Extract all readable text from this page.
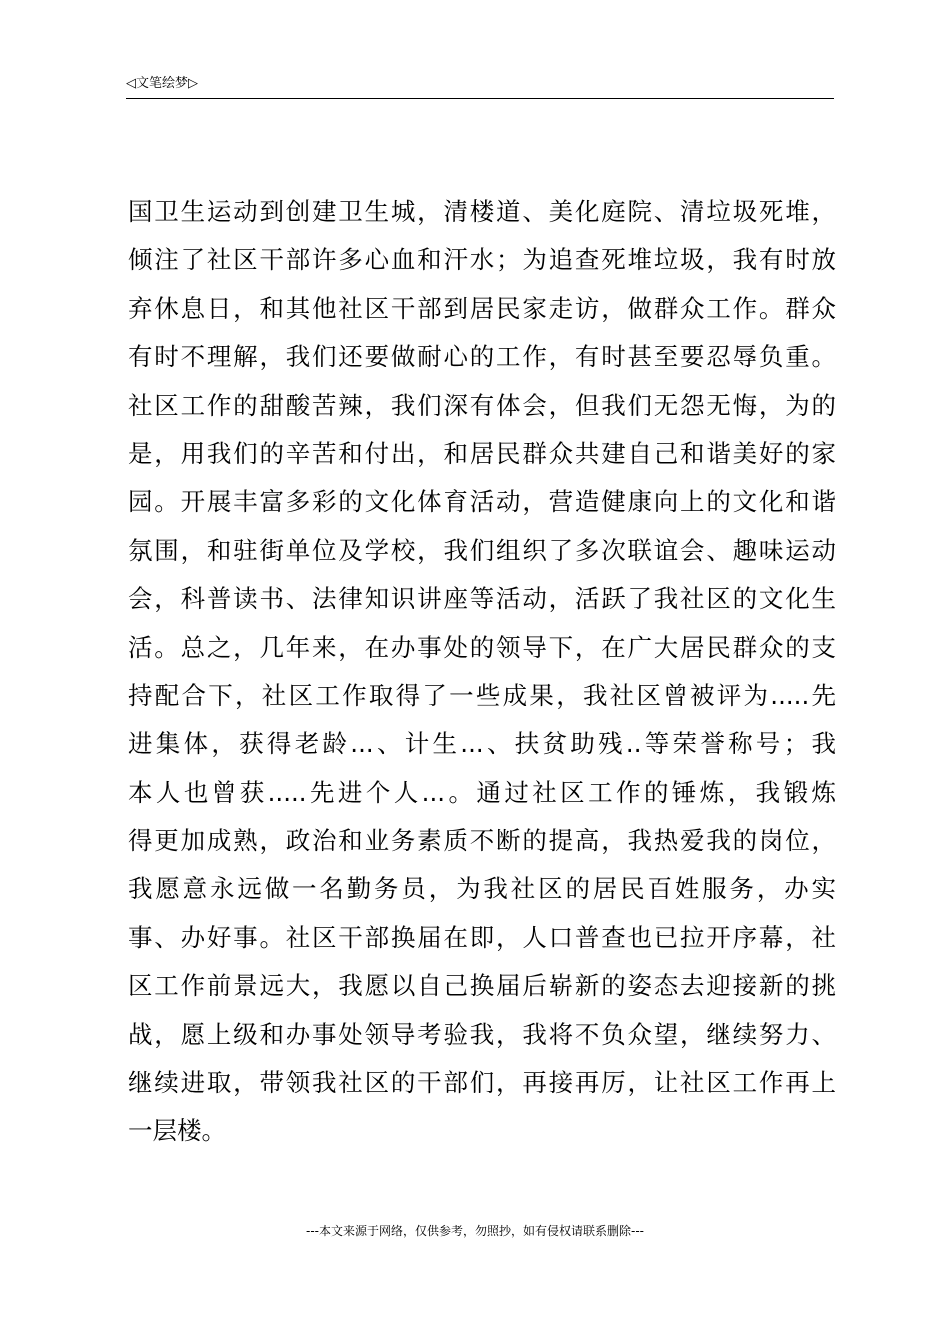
◁文笔绘梦▷
国卫生运动到创建卫生城，清楼道、美化庭院、清垃圾死堆，
倾注了社区干部许多心血和汗水；为追查死堆垃圾，我有时放
弃休息日，和其他社区干部到居民家走访，做群众工作。群众
有时不理解，我们还要做耐心的工作，有时甚至要忍辱负重。
社区工作的甜酸苦辣，我们深有体会，但我们无怨无悔，为的
是，用我们的辛苦和付出，和居民群众共建自己和谐美好的家
园。开展丰富多彩的文化体育活动，营造健康向上的文化和谐
氛围，和驻街单位及学校，我们组织了多次联谊会、趣味运动
会，科普读书、法律知识讲座等活动，活跃了我社区的文化生
活。总之，几年来，在办事处的领导下，在广大居民群众的支
持配合下，社区工作取得了一些成果，我社区曾被评为.....先
进集体，获得老龄...、计生...、扶贫助残..等荣誉称号；我
本人也曾获.....先进个人...。通过社区工作的锤炼，我锻炼
得更加成熟，政治和业务素质不断的提高，我热爱我的岗位，
我愿意永远做一名勤务员，为我社区的居民百姓服务，办实
事、办好事。社区干部换届在即，人口普查也已拉开序幕，社
区工作前景远大，我愿以自己换届后崭新的姿态去迎接新的挑
战，愿上级和办事处领导考验我，我将不负众望，继续努力、
继续进取，带领我社区的干部们，再接再厉，让社区工作再上
一层楼。
---本文来源于网络，仅供参考，勿照抄，如有侵权请联系删除---
